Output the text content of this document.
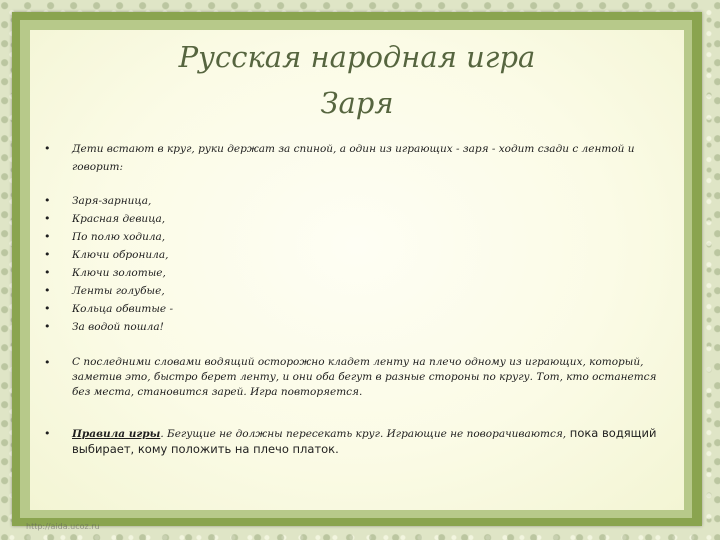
Русская народная игра
Заря
• Дети встают в круг, руки держат за спиной, а один из играющих - заря - ходит сзади с лентой и говорит:
• Заря-зарница,
• Красная девица,
• По полю ходила,
• Ключи обронила,
• Ключи золотые,
• Ленты голубые,
• Кольца обвитые -
• За водой пошла!
• С последними словами водящий осторожно кладет ленту на плечо одному из играющих, который, заметив это, быстро берет ленту, и они оба бегут в разные стороны по кругу. Тот, кто останется без места, становится зарей. Игра повторяется.
• Правила игры. Бегущие не должны пересекать круг. Играющие не поворачиваются, пока водящий выбирает, кому положить на плечо платок.
http://aida.ucoz.ru
